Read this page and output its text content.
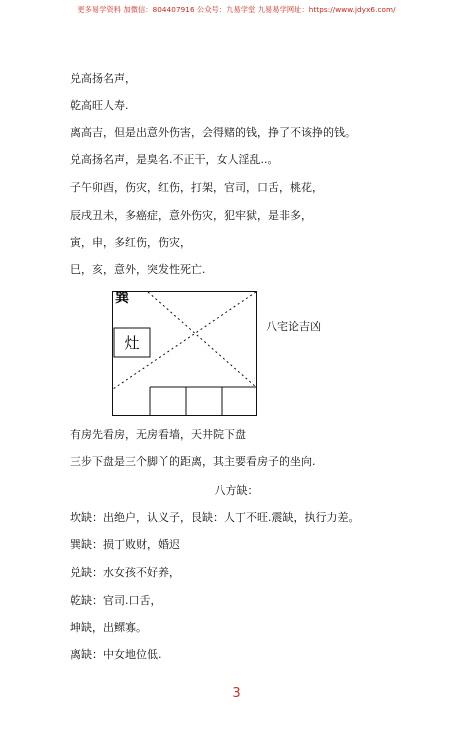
更多易学资料 加微信：804407916 公众号：九易学堂 九易易学网址：https://www.jdyx6.com/
兑高扬名声，
乾高旺人寿.
离高吉，但是出意外伤害，会得赌的钱，挣了不该挣的钱。
兑高扬名声，是臭名.不正干，女人淫乱..。
子午卯酉，伤灾，红伤，打架，官司，口舌，桃花，
辰戌丑未，多癌症，意外伤灾，犯牢狱，是非多，
寅，申，多红伤，伤灾，
巳，亥，意外，突发性死亡.
灶
巽
八宅论吉凶
有房先看房，无房看墙，天井院下盘
三步下盘是三个脚丫的距离，其主要看房子的坐向.
八方缺：
坎缺：出绝户，认义子，艮缺：人丁不旺.震缺，执行力差。
巽缺：损丁败财，婚迟
兑缺：水女孩不好养，
乾缺：官司.口舌，
坤缺，出鳏寡。
离缺：中女地位低.
3
